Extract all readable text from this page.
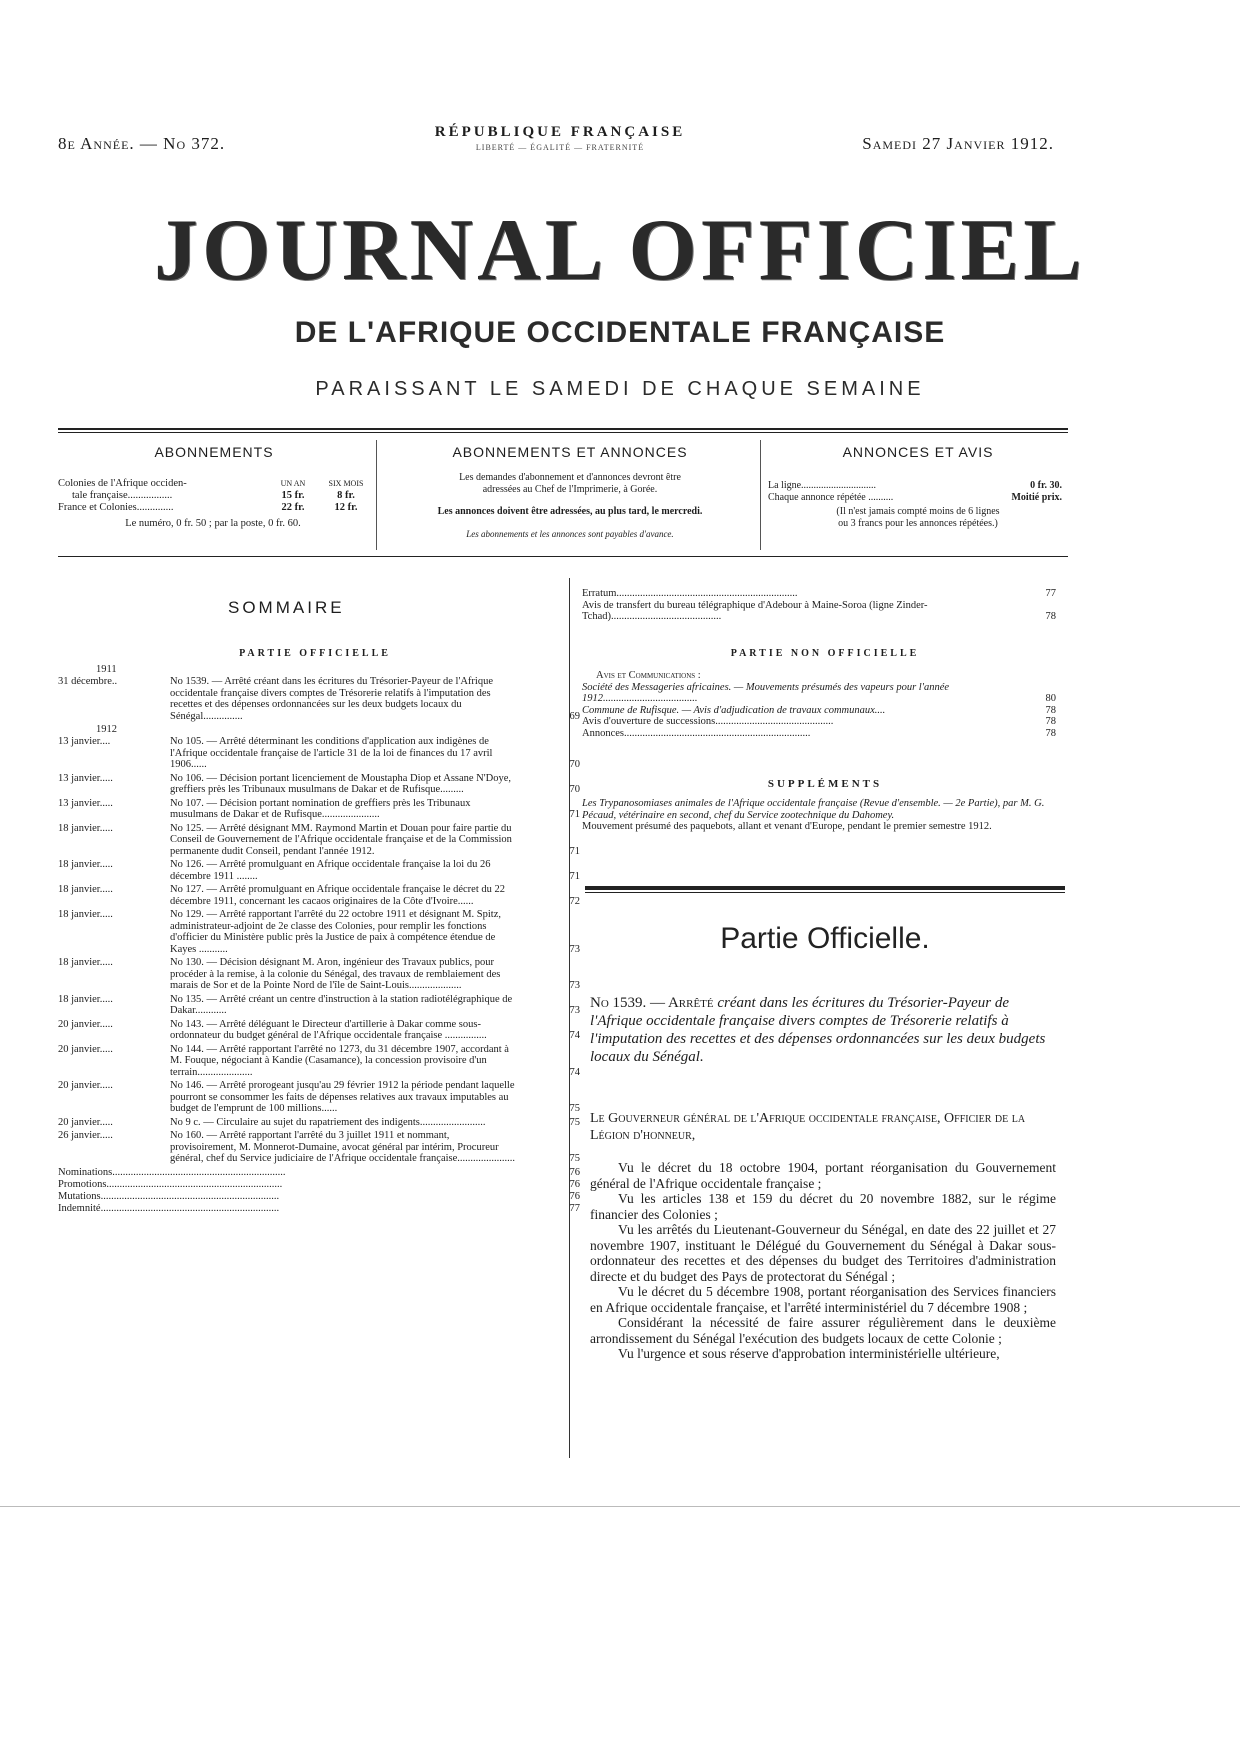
8e Année. — No 372.
RÉPUBLIQUE FRANÇAISE
LIBERTÉ — ÉGALITÉ — FRATERNITÉ	Samedi 27 Janvier 1912.
JOURNAL OFFICIEL
DE L'AFRIQUE OCCIDENTALE FRANÇAISE
PARAISSANT LE SAMEDI DE CHAQUE SEMAINE
ABONNEMENTS
Colonies de l'Afrique occiden-	UN AN	SIX MOIS
tale française.................	15 fr.	8 fr.
France et Colonies..............	22 fr.	12 fr.
Le numéro, 0 fr. 50 ; par la poste, 0 fr. 60.
ABONNEMENTS ET ANNONCES
Les demandes d'abonnement et d'annonces devront être
adressées au Chef de l'Imprimerie, à Gorée.
Les annonces doivent être adressées, au plus tard, le mercredi.
Les abonnements et les annonces sont payables d'avance.
ANNONCES ET AVIS
La ligne..............................	0 fr. 30.
Chaque annonce répétée ..........	Moitié prix.
(Il n'est jamais compté moins de 6 lignes
ou 3 francs pour les annonces répétées.)
SOMMAIRE
PARTIE OFFICIELLE
1911
31 décembre..	No 1539. — Arrêté créant dans les écritures du Trésorier-Payeur de l'Afrique occidentale française divers comptes de Trésorerie relatifs à l'imputation des recettes et des dépenses ordonnancées sur les deux budgets locaux du Sénégal...............	69
1912
13 janvier....	No 105. — Arrêté déterminant les conditions d'application aux indigènes de l'Afrique occidentale française de l'article 31 de la loi de finances du 17 avril 1906......	70
13 janvier.....	No 106. — Décision portant licenciement de Moustapha Diop et Assane N'Doye, greffiers près les Tribunaux musulmans de Dakar et de Rufisque.........	70
13 janvier.....	No 107. — Décision portant nomination de greffiers près les Tribunaux musulmans de Dakar et de Rufisque......................	71
18 janvier.....	No 125. — Arrêté désignant MM. Raymond Martin et Douan pour faire partie du Conseil de Gouvernement de l'Afrique occidentale française et de la Commission permanente dudit Conseil, pendant l'année 1912.	71
18 janvier.....	No 126. — Arrêté promulguant en Afrique occidentale française la loi du 26 décembre 1911 ........	71
18 janvier.....	No 127. — Arrêté promulguant en Afrique occidentale française le décret du 22 décembre 1911, concernant les cacaos originaires de la Côte d'Ivoire......	72
18 janvier.....	No 129. — Arrêté rapportant l'arrêté du 22 octobre 1911 et désignant M. Spitz, administrateur-adjoint de 2e classe des Colonies, pour remplir les fonctions d'officier du Ministère public près la Justice de paix à compétence étendue de Kayes ...........	73
18 janvier.....	No 130. — Décision désignant M. Aron, ingénieur des Travaux publics, pour procéder à la remise, à la colonie du Sénégal, des travaux de remblaiement des marais de Sor et de la Pointe Nord de l'île de Saint-Louis....................	73
18 janvier.....	No 135. — Arrêté créant un centre d'instruction à la station radiotélégraphique de Dakar............	73
20 janvier.....	No 143. — Arrêté déléguant le Directeur d'artillerie à Dakar comme sous-ordonnateur du budget général de l'Afrique occidentale française ................	74
20 janvier.....	No 144. — Arrêté rapportant l'arrêté no 1273, du 31 décembre 1907, accordant à M. Fouque, négociant à Kandie (Casamance), la concession provisoire d'un terrain.....................	74
20 janvier.....	No 146. — Arrêté prorogeant jusqu'au 29 février 1912 la période pendant laquelle pourront se consommer les faits de dépenses relatives aux travaux imputables au budget de l'emprunt de 100 millions......	75
20 janvier.....	No 9 c. — Circulaire au sujet du rapatriement des indigents.........................	75
26 janvier.....	No 160. — Arrêté rapportant l'arrêté du 3 juillet 1911 et nommant, provisoirement, M. Monnerot-Dumaine, avocat général par intérim, Procureur général, chef du Service judiciaire de l'Afrique occidentale française......................	75
Nominations..................................................................	76
Promotions...................................................................	76
Mutations....................................................................	76
Indemnité....................................................................	77
Erratum.....................................................................	77
Avis de transfert du bureau télégraphique d'Adebour à Maine-Soroa (ligne Zinder-Tchad)..........................................	78
PARTIE NON OFFICIELLE
Avis et Communications :
Société des Messageries africaines. — Mouvements présumés des vapeurs pour l'année 1912....................................	80
Commune de Rufisque. — Avis d'adjudication de travaux communaux....	78
Avis d'ouverture de successions.............................................	78
Annonces.......................................................................	78
SUPPLÉMENTS
Les Trypanosomiases animales de l'Afrique occidentale française (Revue d'ensemble. — 2e Partie), par M. G. Pécaud, vétérinaire en second, chef du Service zootechnique du Dahomey.
Mouvement présumé des paquebots, allant et venant d'Europe, pendant le premier semestre 1912.
Partie Officielle.
No 1539. — Arrêté créant dans les écritures du Trésorier-Payeur de l'Afrique occidentale française divers comptes de Trésorerie relatifs à l'imputation des recettes et des dépenses ordonnancées sur les deux budgets locaux du Sénégal.
Le Gouverneur général de l'Afrique occidentale française, Officier de la Légion d'honneur,

Vu le décret du 18 octobre 1904, portant réorganisation du Gouvernement général de l'Afrique occidentale française ;

Vu les articles 138 et 159 du décret du 20 novembre 1882, sur le régime financier des Colonies ;

Vu les arrêtés du Lieutenant-Gouverneur du Sénégal, en date des 22 juillet et 27 novembre 1907, instituant le Délégué du Gouvernement du Sénégal à Dakar sous-ordonnateur des recettes et des dépenses du budget des Territoires d'administration directe et du budget des Pays de protectorat du Sénégal ;

Vu le décret du 5 décembre 1908, portant réorganisation des Services financiers en Afrique occidentale française, et l'arrêté interministériel du 7 décembre 1908 ;

Considérant la nécessité de faire assurer régulièrement dans le deuxième arrondissement du Sénégal l'exécution des budgets locaux de cette Colonie ;

Vu l'urgence et sous réserve d'approbation interministérielle ultérieure,
